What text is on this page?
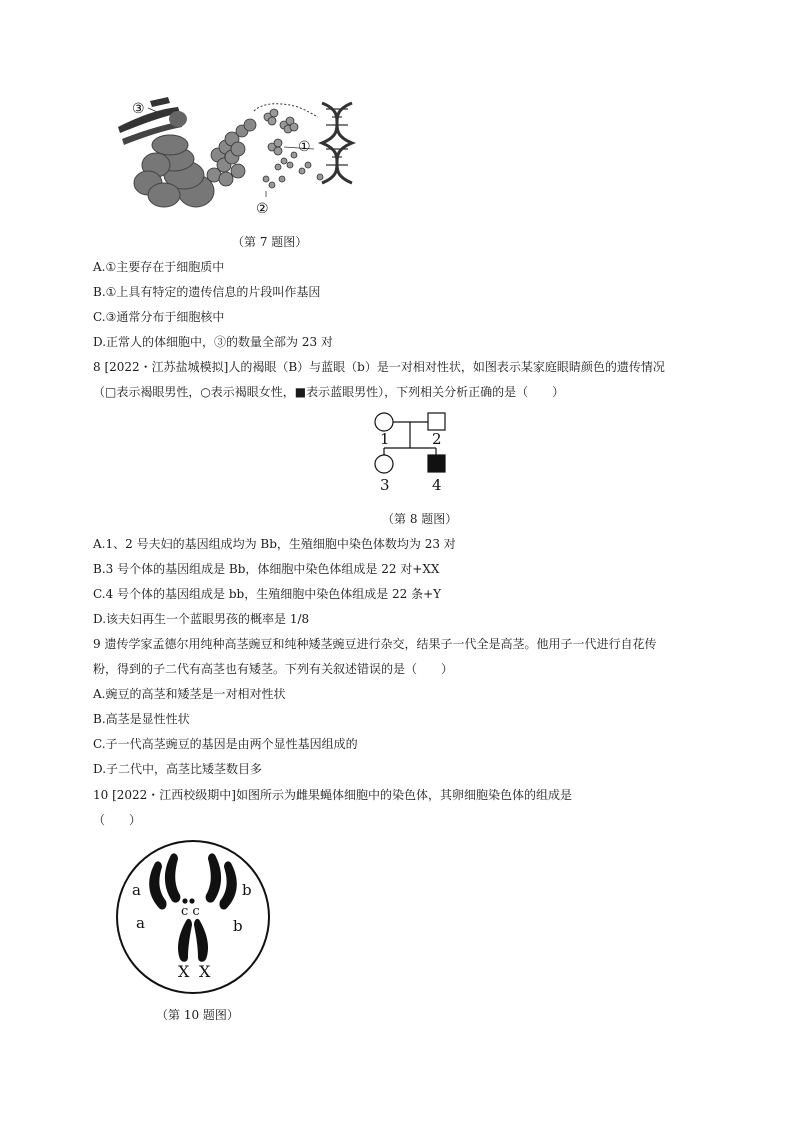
③
①
②
（第 7 题图）
A.①主要存在于细胞质中
B.①上具有特定的遗传信息的片段叫作基因
C.③通常分布于细胞核中
D.正常人的体细胞中，③的数量全部为 23 对
8 [2022・江苏盐城模拟]人的褐眼（B）与蓝眼（b）是一对相对性状，如图表示某家庭眼睛颜色的遗传情况
（□表示褐眼男性，○表示褐眼女性，■表示蓝眼男性），下列相关分析正确的是（　　）
1	2
3	4
（第 8 题图）
A.1、2 号夫妇的基因组成均为 Bb，生殖细胞中染色体数均为 23 对
B.3 号个体的基因组成是 Bb，体细胞中染色体组成是 22 对+XX
C.4 号个体的基因组成是 bb，生殖细胞中染色体组成是 22 条+Y
D.该夫妇再生一个蓝眼男孩的概率是 1/8
9 遗传学家孟德尔用纯种高茎豌豆和纯种矮茎豌豆进行杂交，结果子一代全是高茎。他用子一代进行自花传
粉，得到的子二代有高茎也有矮茎。下列有关叙述错误的是（　　）
A.豌豆的高茎和矮茎是一对相对性状
B.高茎是显性性状
C.子一代高茎豌豆的基因是由两个显性基因组成的
D.子二代中，高茎比矮茎数目多
10 [2022・江西校级期中]如图所示为雌果蝇体细胞中的染色体，其卵细胞染色体的组成是
（　　）
a
a
b
b
c c
X X
（第 10 题图）
